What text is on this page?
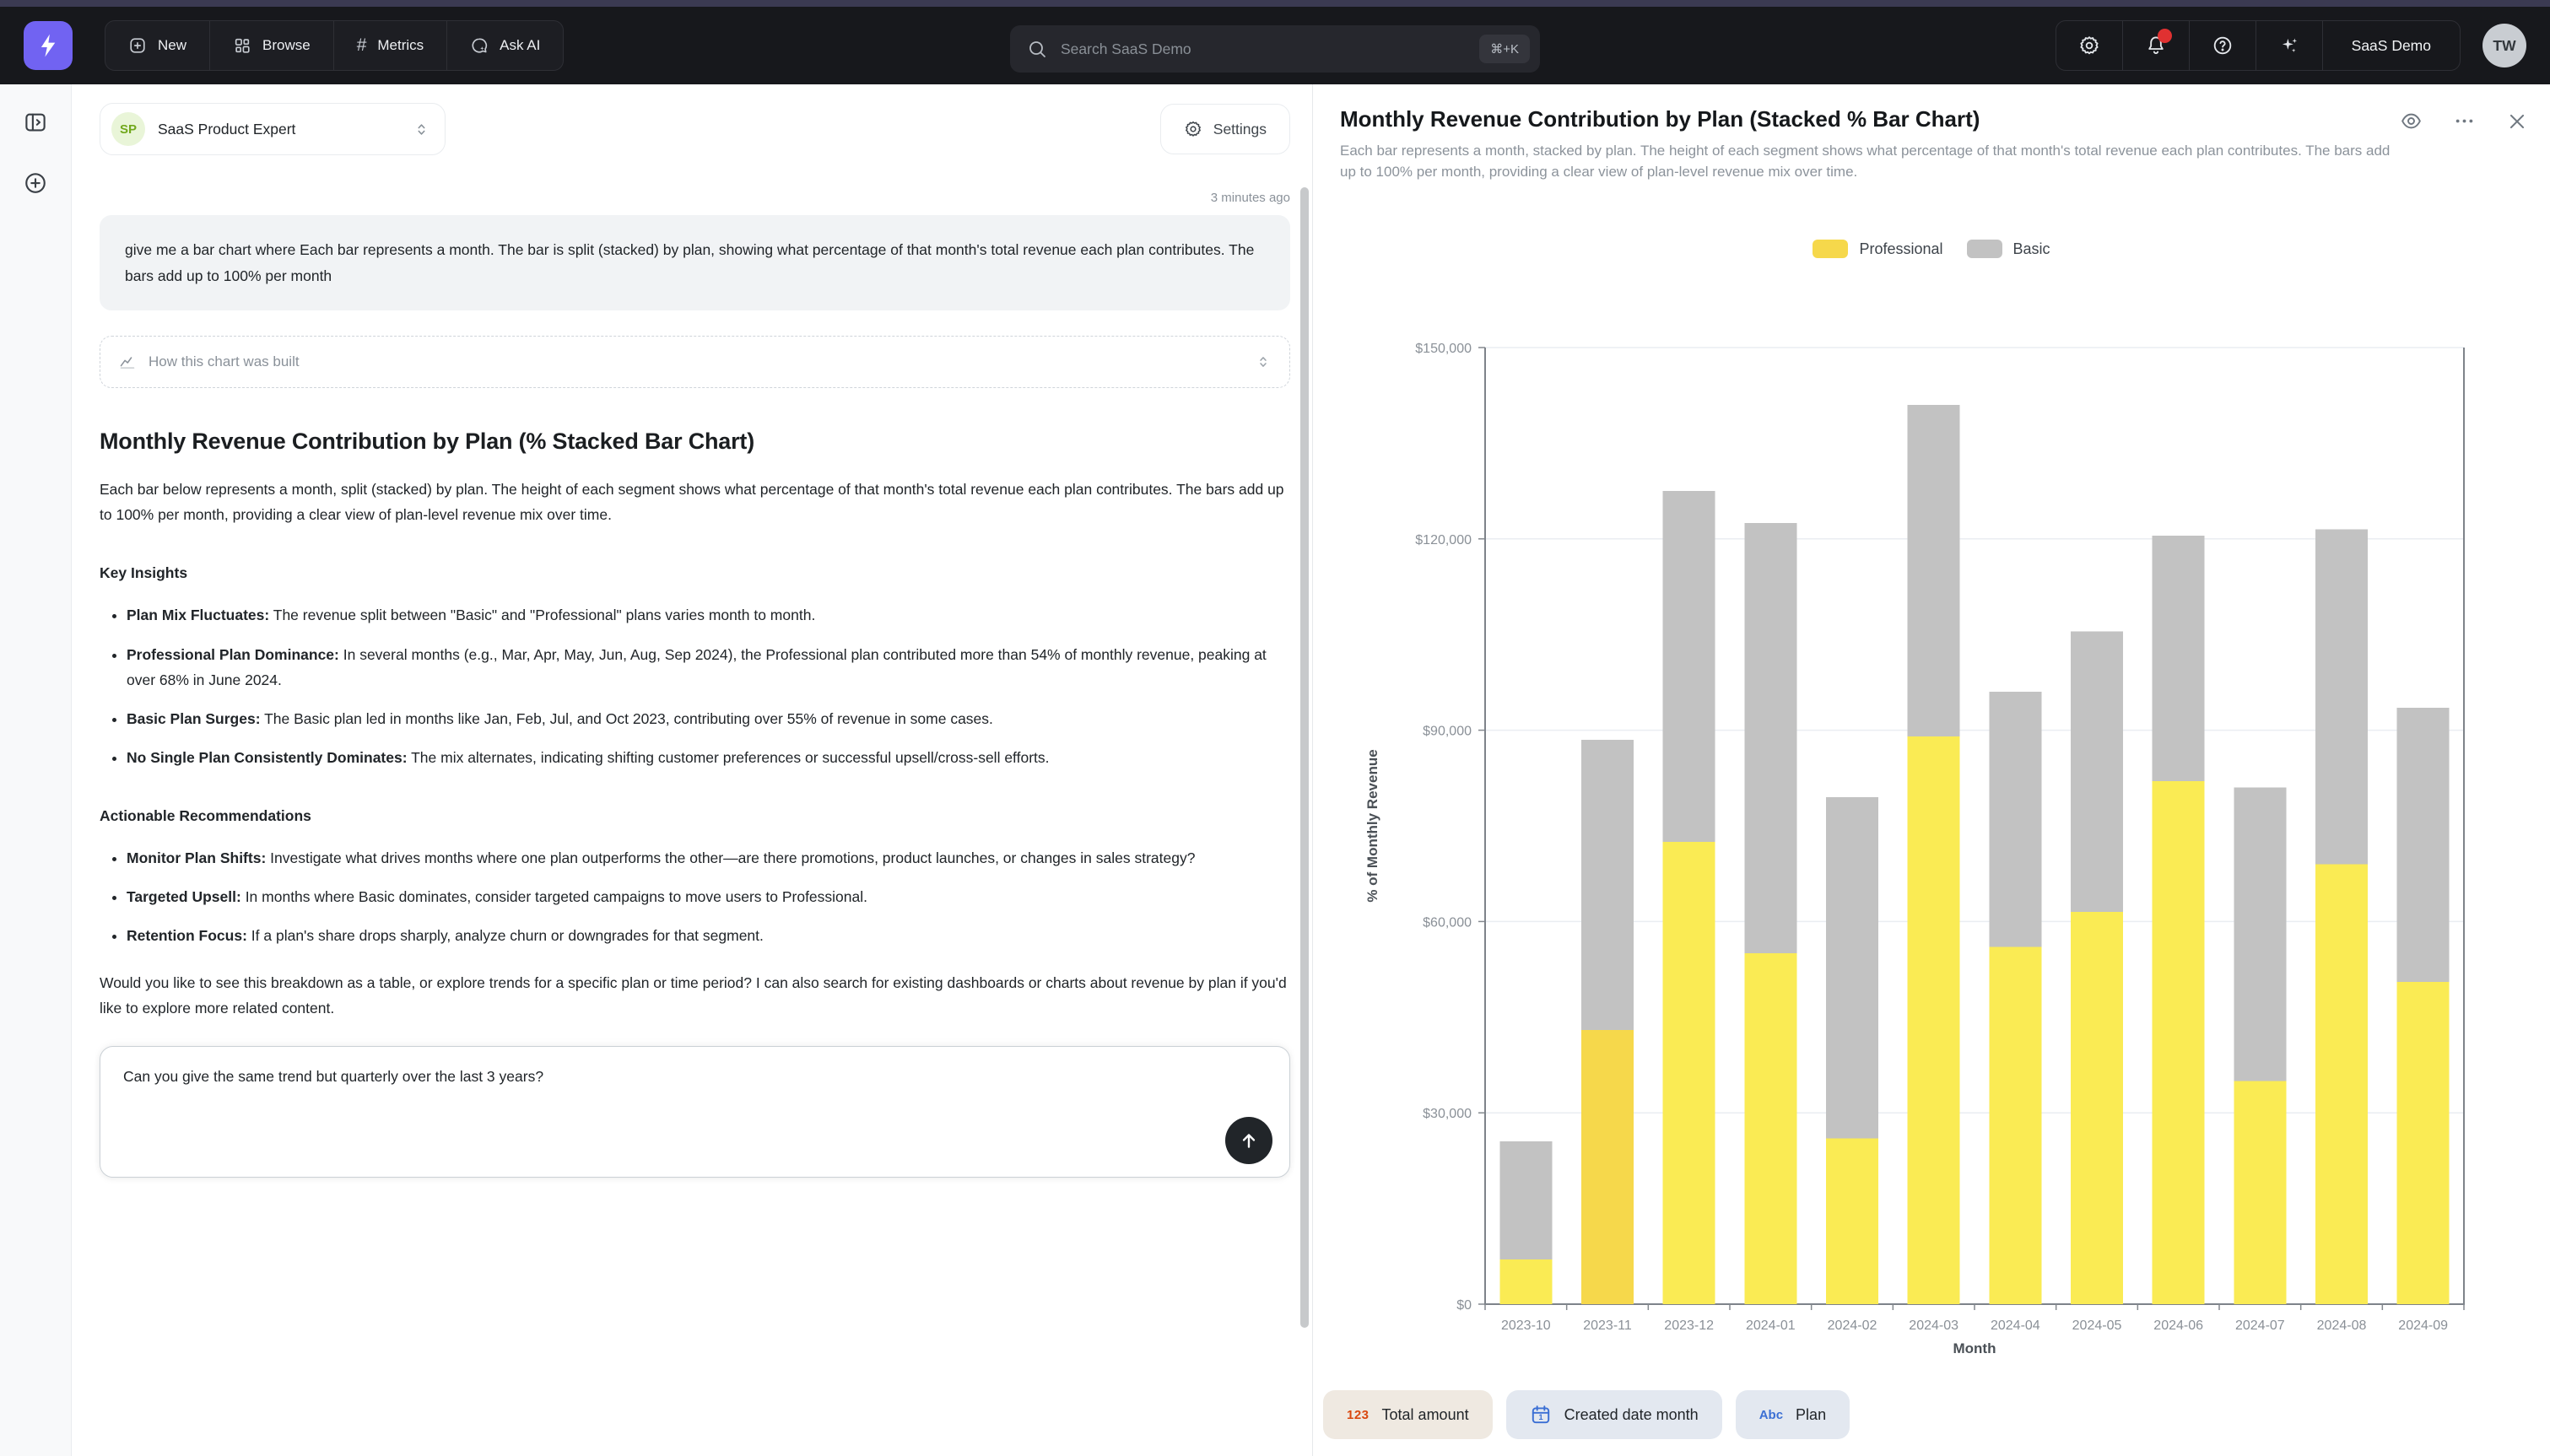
New	Browse	# Metrics	Ask AI	Search SaaS Demo	⌘+K	SaaS Demo	TW
SP SaaS Product Expert	Settings
3 minutes ago
give me a bar chart where Each bar represents a month. The bar is split (stacked) by plan, showing what percentage of that month's total revenue each plan contributes. The bars add up to 100% per month
How this chart was built
Monthly Revenue Contribution by Plan (% Stacked Bar Chart)

Each bar below represents a month, split (stacked) by plan. The height of each segment shows what percentage of that month's total revenue each plan contributes. The bars add up to 100% per month, providing a clear view of plan-level revenue mix over time.

Key Insights
• Plan Mix Fluctuates: The revenue split between "Basic" and "Professional" plans varies month to month.
• Professional Plan Dominance: In several months (e.g., Mar, Apr, May, Jun, Aug, Sep 2024), the Professional plan contributed more than 54% of monthly revenue, peaking at over 68% in June 2024.
• Basic Plan Surges: The Basic plan led in months like Jan, Feb, Jul, and Oct 2023, contributing over 55% of revenue in some cases.
• No Single Plan Consistently Dominates: The mix alternates, indicating shifting customer preferences or successful upsell/cross-sell efforts.
Actionable Recommendations
• Monitor Plan Shifts: Investigate what drives months where one plan outperforms the other—are there promotions, product launches, or changes in sales strategy?
• Targeted Upsell: In months where Basic dominates, consider targeted campaigns to move users to Professional.
• Retention Focus: If a plan's share drops sharply, analyze churn or downgrades for that segment.

Would you like to see this breakdown as a table, or explore trends for a specific plan or time period? I can also search for existing dashboards or charts about revenue by plan if you'd like to explore more related content.

Can you give the same trend but quarterly over the last 3 years?
Monthly Revenue Contribution by Plan (Stacked % Bar Chart)
Each bar represents a month, stacked by plan. The height of each segment shows what percentage of that month's total revenue each plan contributes. The bars add up to 100% per month, providing a clear view of plan-level revenue mix over time.
Professional	Basic
$0
$30,000
$60,000
$90,000
$120,000
$150,000
2023-10 2023-11 2023-12 2024-01 2024-02 2024-03 2024-04 2024-05 2024-06 2024-07 2024-08 2024-09
Month
% of Monthly Revenue
123 Total amount	1 Created date month	Abc Plan
